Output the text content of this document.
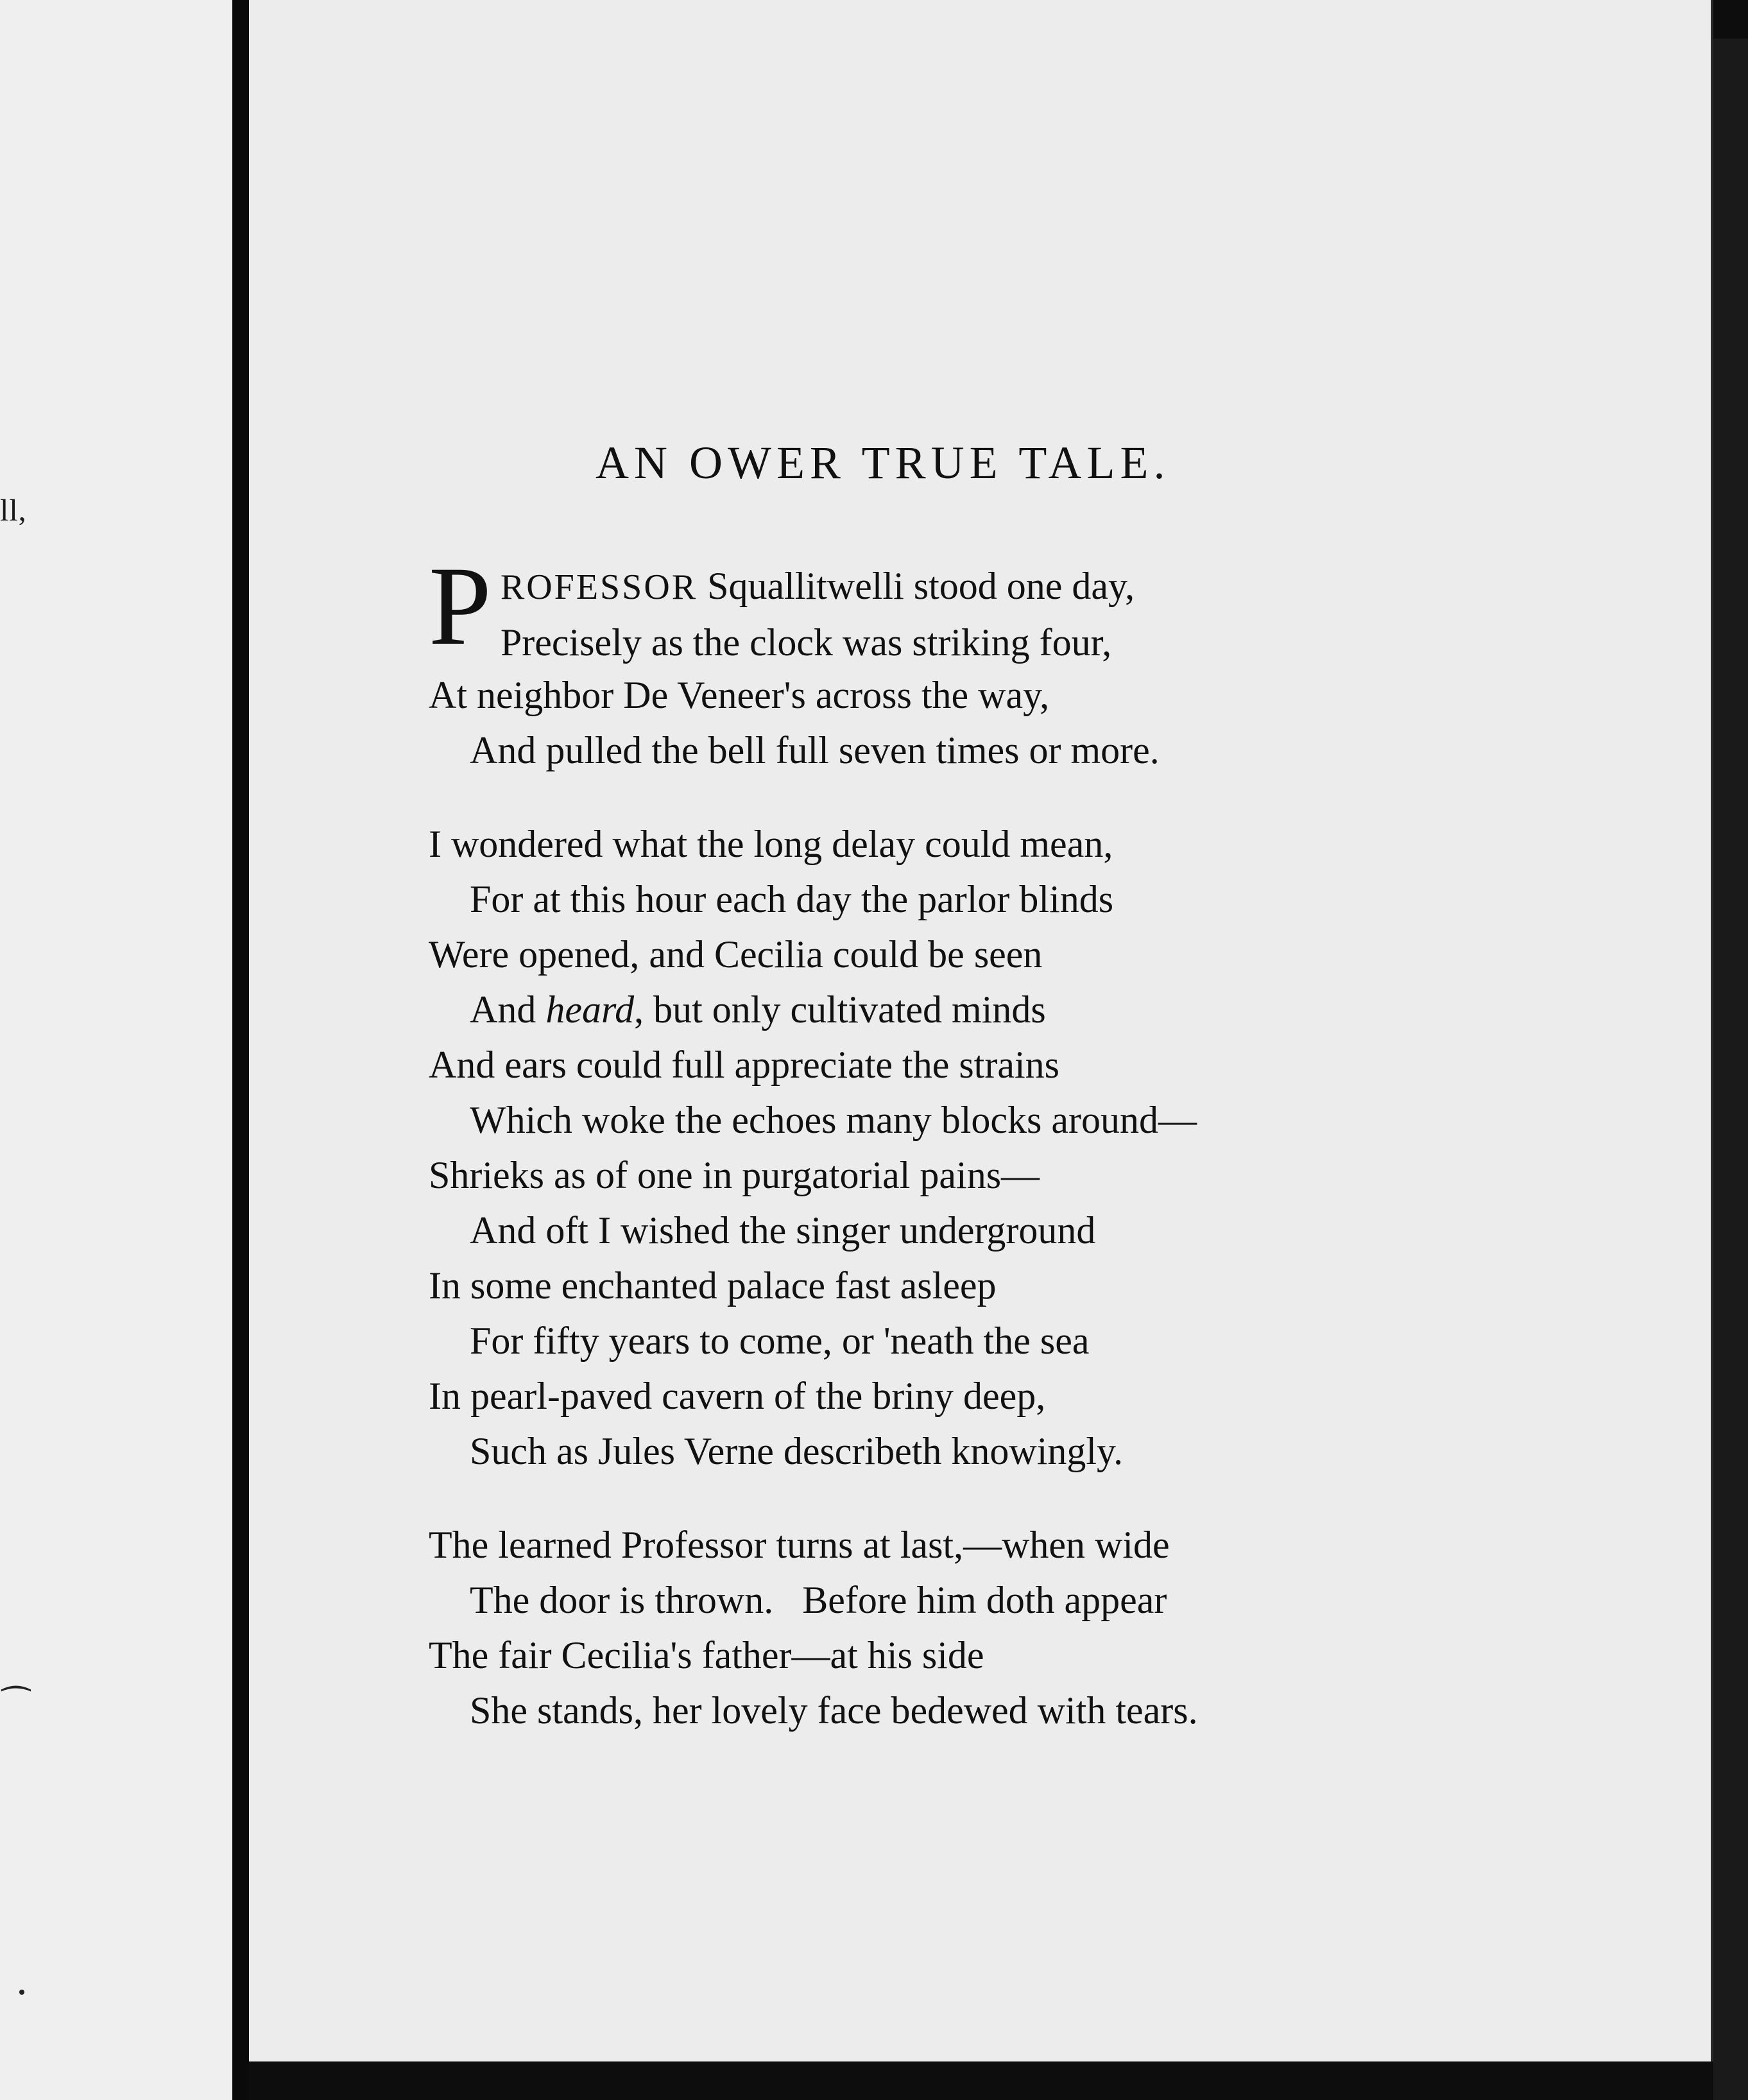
ll,
⁀
AN OWER TRUE TALE.
P ROFESSOR Squallitwelli stood one day,
Precisely as the clock was striking four,
At neighbor De Veneer's across the way,
And pulled the bell full seven times or more.
I wondered what the long delay could mean,
For at this hour each day the parlor blinds
Were opened, and Cecilia could be seen
And heard, but only cultivated minds
And ears could full appreciate the strains
Which woke the echoes many blocks around—
Shrieks as of one in purgatorial pains—
And oft I wished the singer underground
In some enchanted palace fast asleep
For fifty years to come, or 'neath the sea
In pearl-paved cavern of the briny deep,
Such as Jules Verne describeth knowingly.
The learned Professor turns at last,—when wide
The door is thrown.   Before him doth appear
The fair Cecilia's father—at his side
She stands, her lovely face bedewed with tears.
